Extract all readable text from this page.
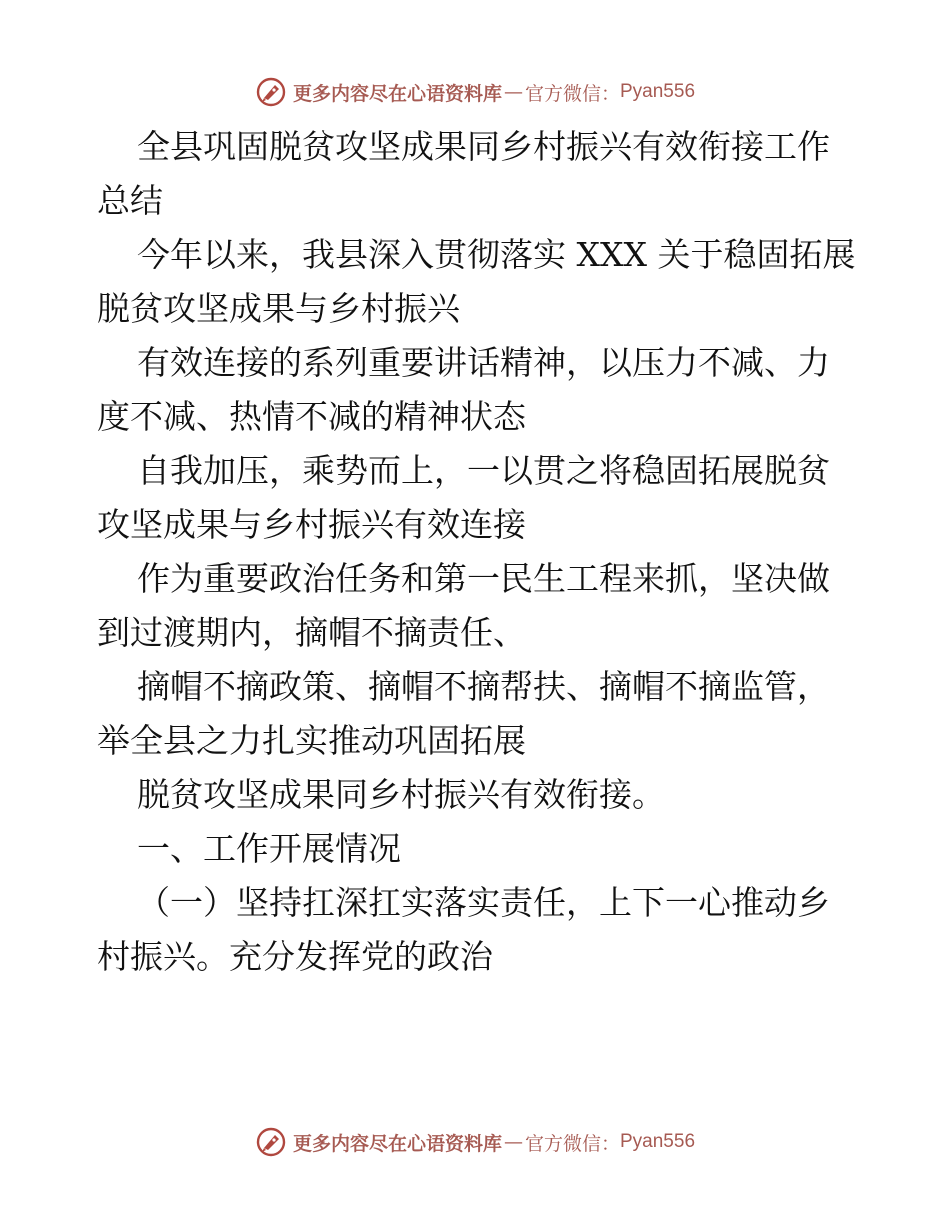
更多内容尽在心语资料库 — 官方微信： Pyan556

全县巩固脱贫攻坚成果同乡村振兴有效衔接工作总结

今年以来，我县深入贯彻落实 XXX 关于稳固拓展脱贫攻坚成果与乡村振兴

有效连接的系列重要讲话精神，以压力不减、力度不减、热情不减的精神状态

自我加压，乘势而上，一以贯之将稳固拓展脱贫攻坚成果与乡村振兴有效连接

作为重要政治任务和第一民生工程来抓，坚决做到过渡期内，摘帽不摘责任、

摘帽不摘政策、摘帽不摘帮扶、摘帽不摘监管，举全县之力扎实推动巩固拓展

脱贫攻坚成果同乡村振兴有效衔接。

一、工作开展情况

（一）坚持扛深扛实落实责任，上下一心推动乡村振兴。充分发挥党的政治

更多内容尽在心语资料库 — 官方微信： Pyan556
